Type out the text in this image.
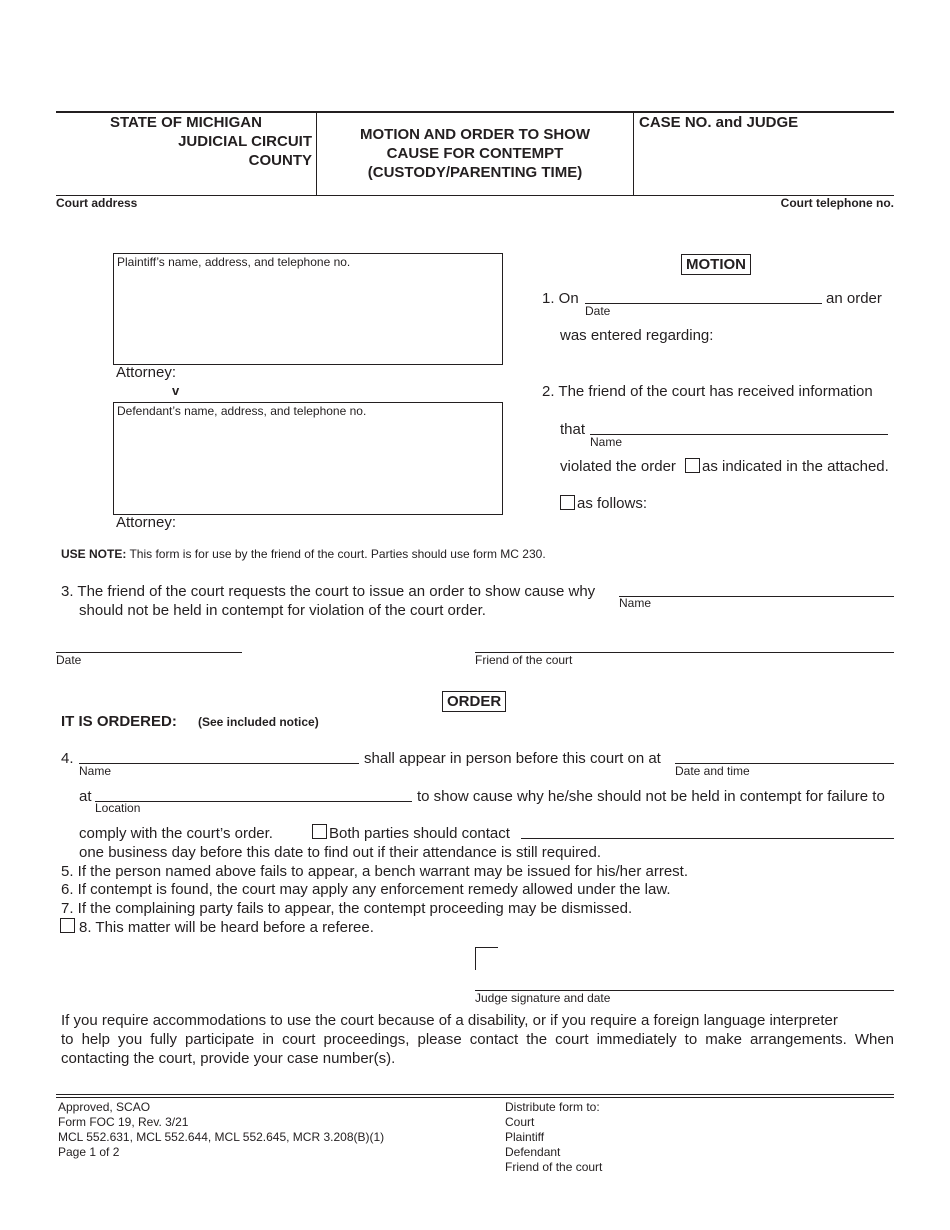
STATE OF MICHIGAN
JUDICIAL CIRCUIT
COUNTY
MOTION AND ORDER TO SHOW
CAUSE FOR CONTEMPT
(CUSTODY/PARENTING TIME)
CASE NO. and JUDGE
Court address	Court telephone no.
Plaintiff’s name, address, and telephone no.
Attorney:
v
Defendant’s name, address, and telephone no.
Attorney:
MOTION
1. On
Date
an order
was entered regarding:
2. The friend of the court has received information
that
Name
violated the order as indicated in the attached.
as follows:
USE NOTE: This form is for use by the friend of the court. Parties should use form MC 230.
3. The friend of the court requests the court to issue an order to show cause why
Name
should not be held in contempt for violation of the court order.
Date	Friend of the court
ORDER
IT IS ORDERED: (See included notice)
4.
Name
shall appear in person before this court on at
Date and time
at
Location
to show cause why he/she should not be held in contempt for failure to
comply with the court’s order.	Both parties should contact
one business day before this date to find out if their attendance is still required.
5. If the person named above fails to appear, a bench warrant may be issued for his/her arrest.
6. If contempt is found, the court may apply any enforcement remedy allowed under the law.
7. If the complaining party fails to appear, the contempt proceeding may be dismissed.
8. This matter will be heard before a referee.
Judge signature and date
If you require accommodations to use the court because of a disability, or if you require a foreign language interpreter
to help you fully participate in court proceedings, please contact the court immediately to make arrangements. When
contacting the court, provide your case number(s).
Approved, SCAO
Form FOC 19, Rev. 3/21
MCL 552.631, MCL 552.644, MCL 552.645, MCR 3.208(B)(1)
Page 1 of 2
Distribute form to:
Court
Plaintiff
Defendant
Friend of the court
